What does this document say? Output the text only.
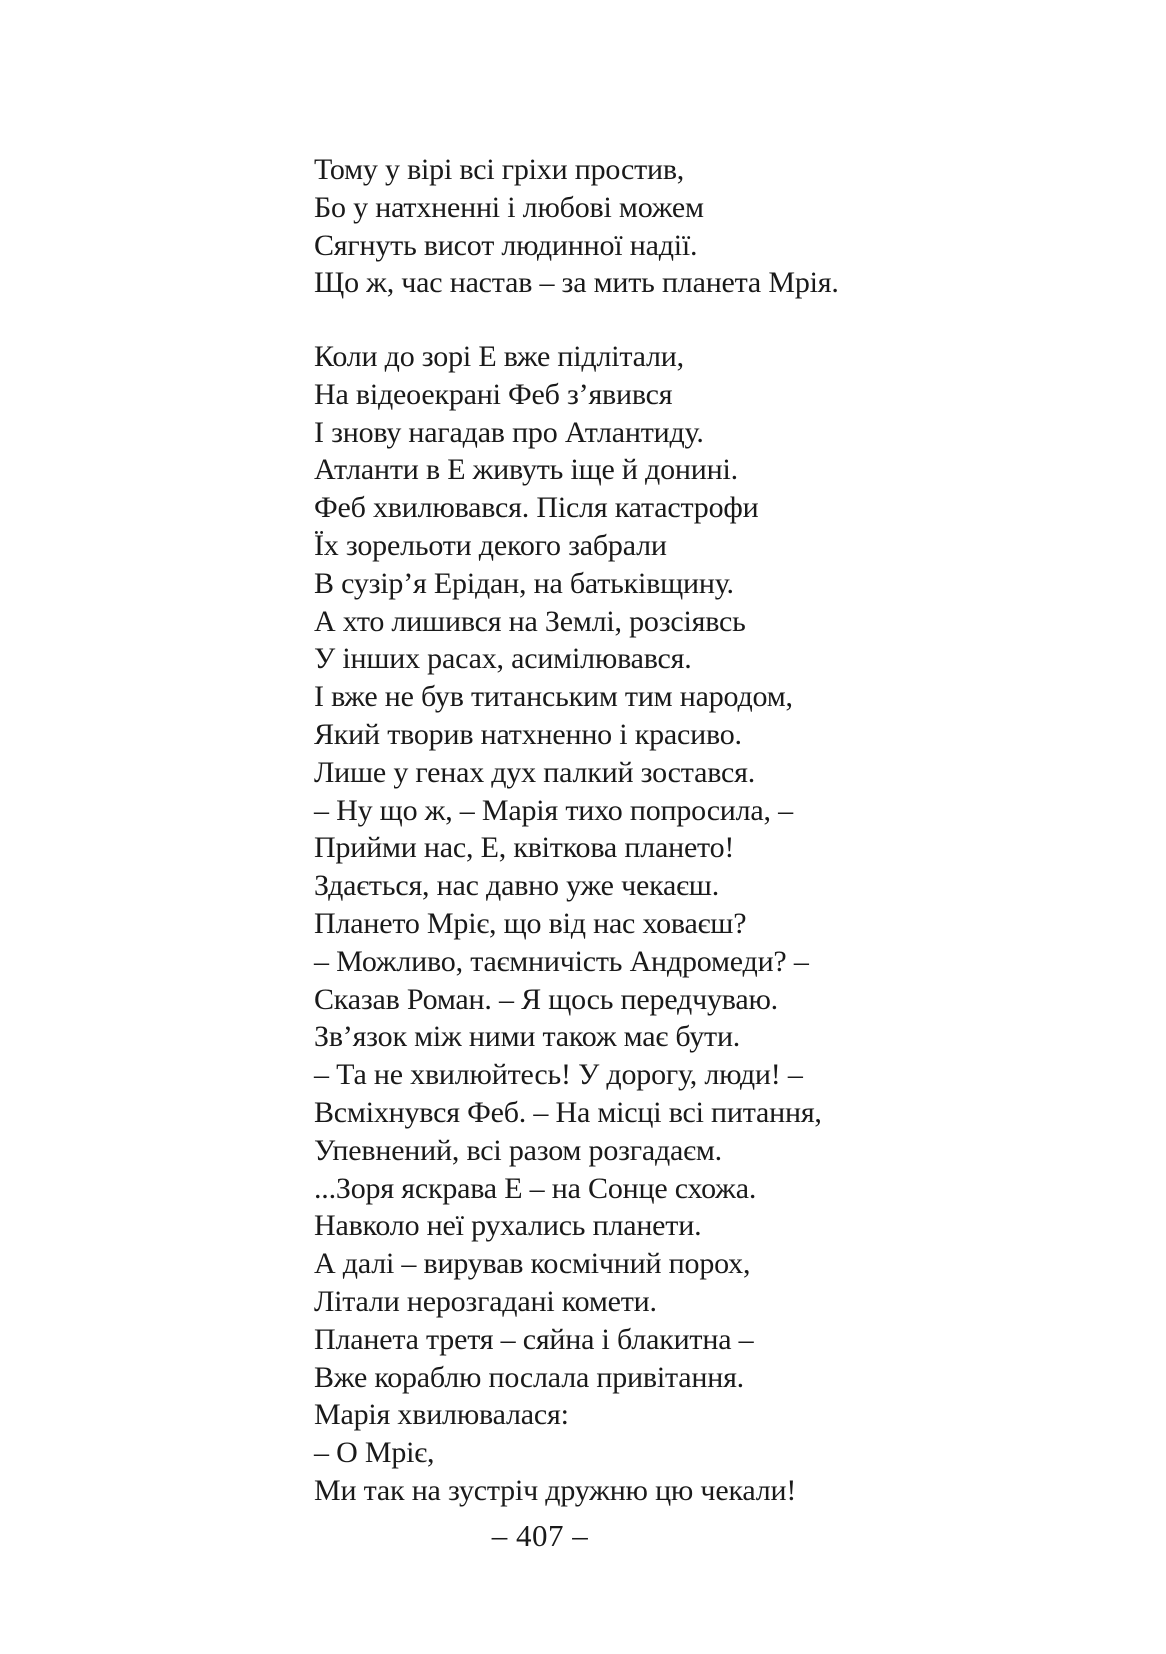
Тому у вірі всі гріхи простив,
Бо у натхненні і любові можем
Сягнуть висот людинної надії.
Що ж, час настав – за мить планета Мрія.
Коли до зорі Е вже підлітали,
На відеоекрані Феб з’явився
І знову нагадав про Атлантиду.
Атланти в Е живуть іще й донині.
Феб хвилювався. Після катастрофи
Їх зорельоти декого забрали
В сузір’я Ерідан, на батьківщину.
А хто лишився на Землі, розсіявсь
У інших расах, асимілювався.
І вже не був титанським тим народом,
Який творив натхненно і красиво.
Лише у генах дух палкий зостався.
– Ну що ж, – Марія тихо попросила, –
Прийми нас, Е, квіткова плането!
Здається, нас давно уже чекаєш.
Плането Мріє, що від нас ховаєш?
– Можливо, таємничість Андромеди? –
Сказав Роман. – Я щось передчуваю.
Зв’язок між ними також має бути.
– Та не хвилюйтесь! У дорогу, люди! –
Всміхнувся Феб. – На місці всі питання,
Упевнений, всі разом розгадаєм.
...Зоря яскрава Е – на Сонце схожа.
Навколо неї рухались планети.
А далі – вирував космічний порох,
Літали нерозгадані комети.
Планета третя – сяйна і блакитна –
Вже кораблю послала привітання.
Марія хвилювалася:
– О Мріє,
Ми так на зустріч дружню цю чекали!
– 407 –
